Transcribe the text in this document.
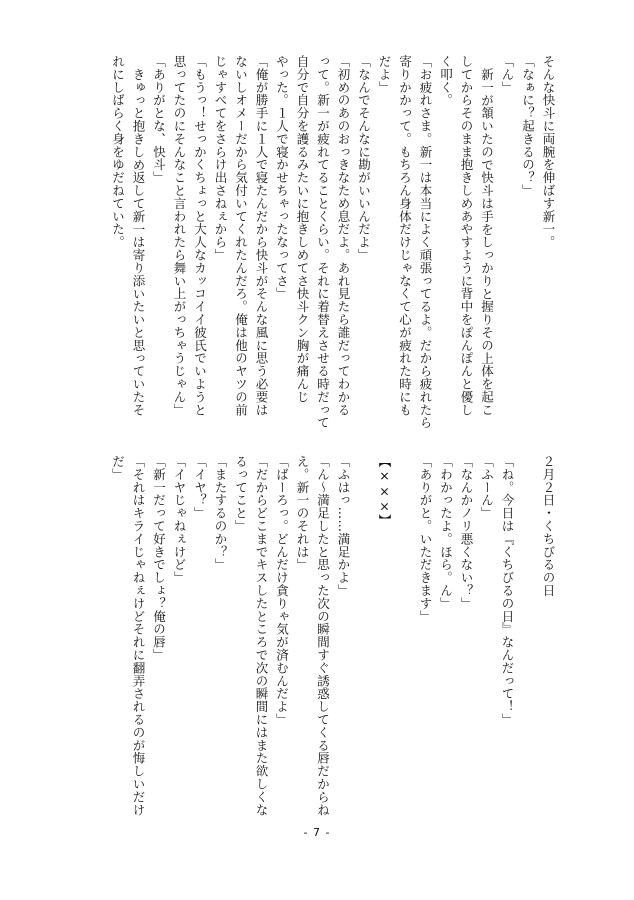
そんな快斗に両腕を伸ばす新一。
「なぁに？起きるの？」
「ん」
新一が頷いたので快斗は手をしっかりと握りその上体を起こ
してからそのまま抱きしめあやすように背中をぽんぽんと優し
く叩く。
「お疲れさま。新一は本当によく頑張ってるよ。だから疲れたら
寄りかかって。もちろん身体だけじゃなくて心が疲れた時にも
だよ」
「なんでそんなに勘がいいんだよ」
「初めのあのおっきなため息だよ。あれ見たら誰だってわかる
って。新一が疲れてることくらい。それに着替えさせる時だって
自分で自分を護るみたいに抱きしめてさ快斗クン胸が痛んじ
やった。１人で寝かせちゃったなってさ」
「俺が勝手に１人で寝たんだから快斗がそんな風に思う必要は
ないしオメーだから気付いてくれたんだろ。俺は他のヤツの前
じゃすべてをさらけ出さねぇから」
「もうっ！せっかくちょっと大人なカッコイイ彼氏でいようと
思ってたのにそんなこと言われたら舞い上がっちゃうじゃん」
「ありがとな、快斗」
きゅっと抱きしめ返して新一は寄り添いたいと思っていたそ
れにしばらく身をゆだねていた。
２月２日・くちびるの日
「ね。今日は『くちびるの日』なんだって！」
「ふーん」
「なんかノリ悪くない？」
「わかったよ。ほら。ん」
「ありがと。いただきます」
【×××】
「ふはっ……満足かよ」
「ん～満足したと思った次の瞬間すぐ誘惑してくる唇だからね
え。新一のそれは」
「ばーろっ。どんだけ貪りゃ気が済むんだよ」
「だからどこまでキスしたところで次の瞬間にはまた欲しくな
るってこと」
「またするのか？」
「イヤ？」
「イヤじゃねぇけど」
「新一だって好きでしょ？俺の唇」
「それはキライじゃねぇけどそれに翻弄されるのが悔しいだけ
だ」
- 7 -
